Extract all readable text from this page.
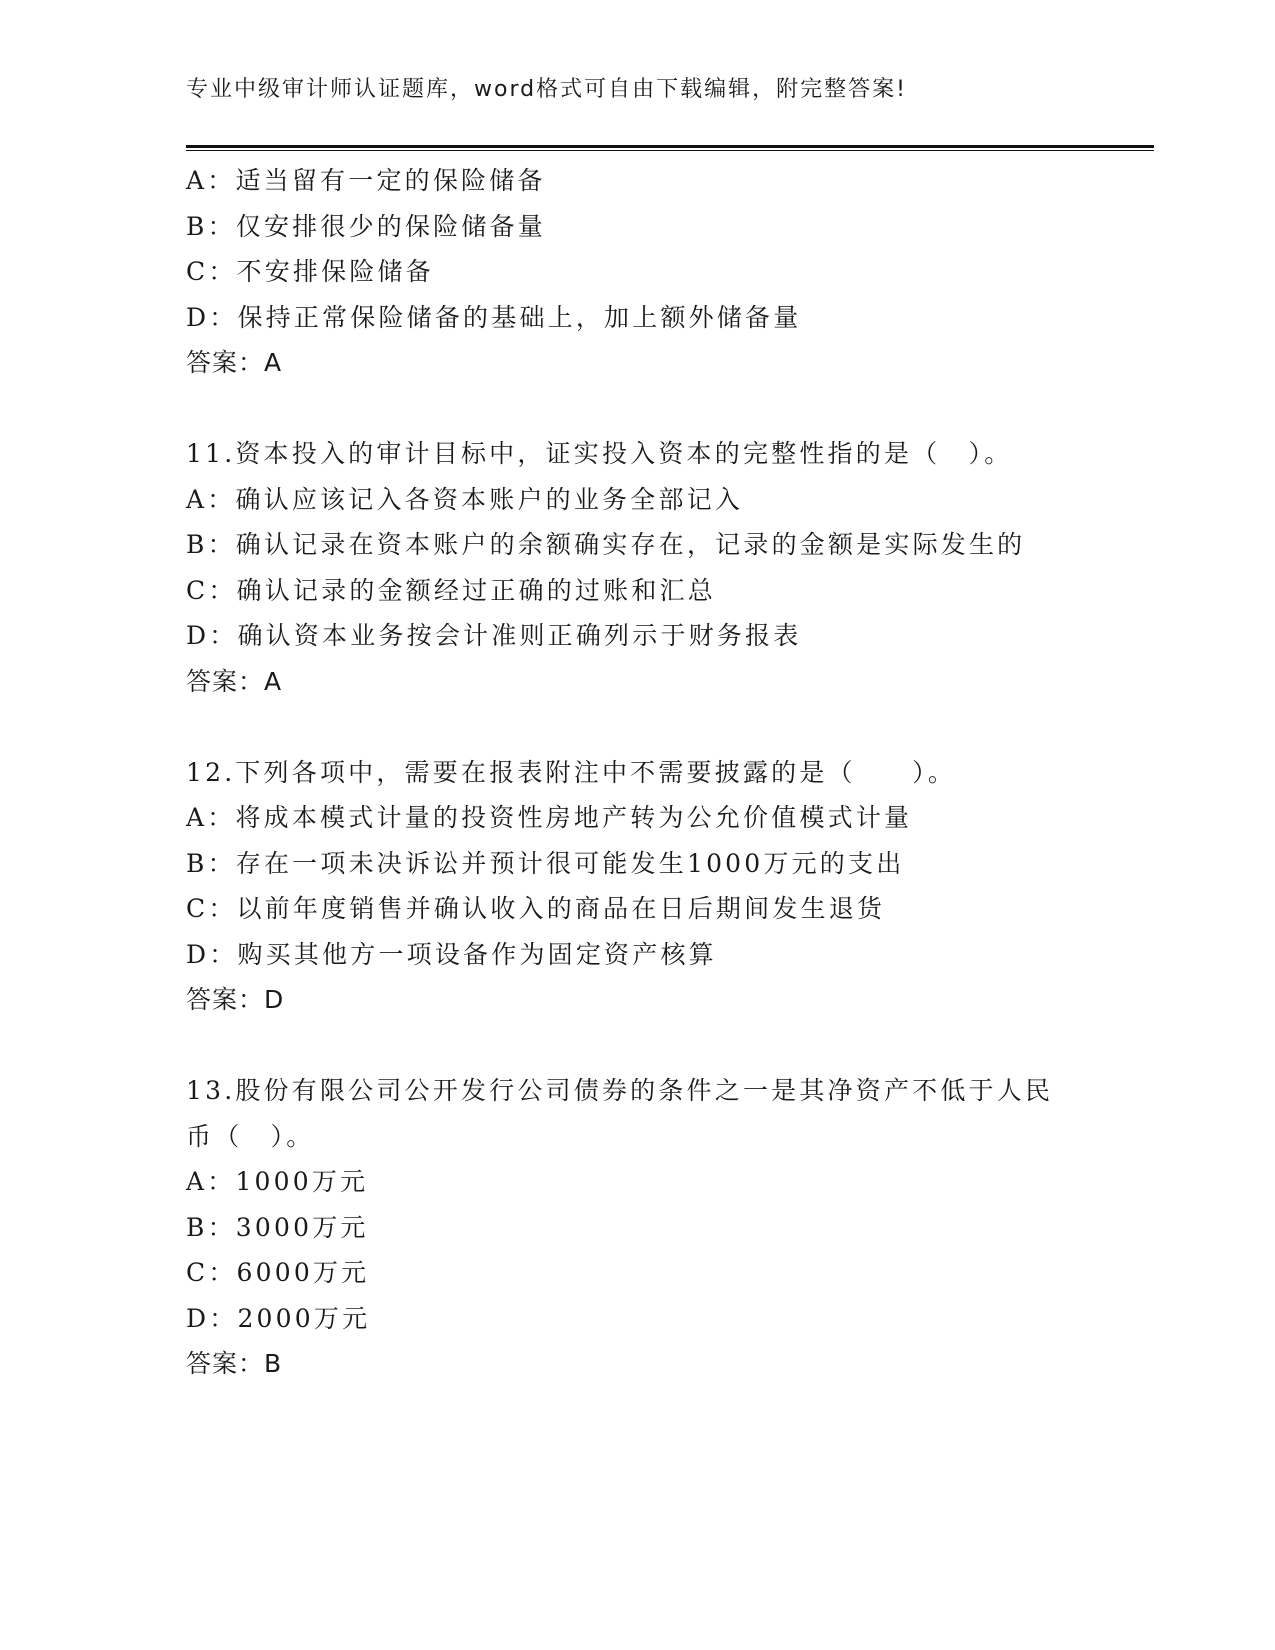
专业中级审计师认证题库，word格式可自由下载编辑，附完整答案!
A：适当留有一定的保险储备
B：仅安排很少的保险储备量
C：不安排保险储备
D：保持正常保险储备的基础上，加上额外储备量
答案：A
11.资本投入的审计目标中，证实投入资本的完整性指的是（　）。
A：确认应该记入各资本账户的业务全部记入
B：确认记录在资本账户的余额确实存在，记录的金额是实际发生的
C：确认记录的金额经过正确的过账和汇总
D：确认资本业务按会计准则正确列示于财务报表
答案：A
12.下列各项中，需要在报表附注中不需要披露的是（　　）。
A：将成本模式计量的投资性房地产转为公允价值模式计量
B：存在一项未决诉讼并预计很可能发生1000万元的支出
C：以前年度销售并确认收入的商品在日后期间发生退货
D：购买其他方一项设备作为固定资产核算
答案：D
13.股份有限公司公开发行公司债券的条件之一是其净资产不低于人民
币（　）。
A：1000万元
B：3000万元
C：6000万元
D：2000万元
答案：B
